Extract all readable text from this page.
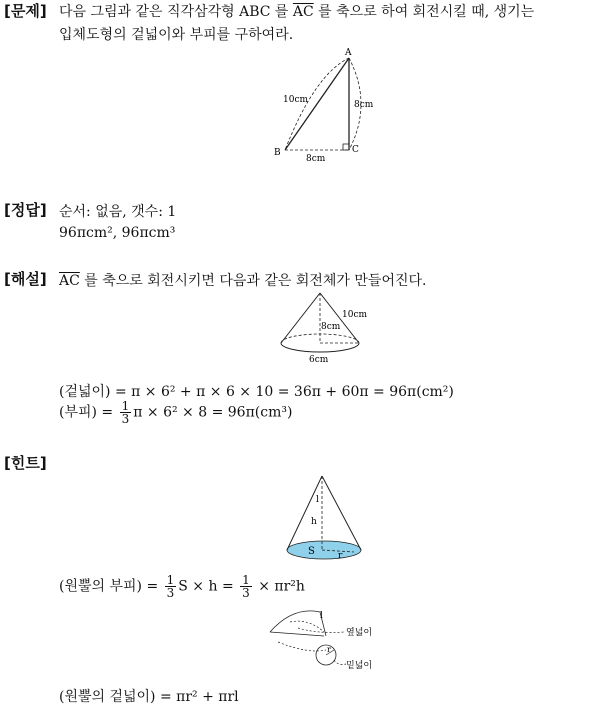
[문제] 다음 그림과 같은 직각삼각형 ABC 를 $\overline{AC}$ 를 축으로 하여 회전시킬 때, 생기는
입체도형의 겉넓이와 부피를 구하여라.
A
B	C
10cm	8cm
8cm
[정답] 순서: 없음, 갯수: 1
96πcm², 96πcm³
[해설] $\overline{AC}$ 를 축으로 회전시키면 다음과 같은 회전체가 만들어진다.
10cm
8cm
6cm
(겉넓이) = π × 6² + π × 6 × 10 = 36π + 60π = 96π(cm²)
(부피) = $\frac{1}{3}$ π × 6² × 8 = 96π(cm³)
[힌트]
l
h
S	r
(원뿔의 부피) = $\frac{1}{3}$ $S \times h = \frac{1}{3} \times \pi r^2h$
l
r
옆넓이
밑넓이
(원뿔의 겉넓이) = πr² + πrl
